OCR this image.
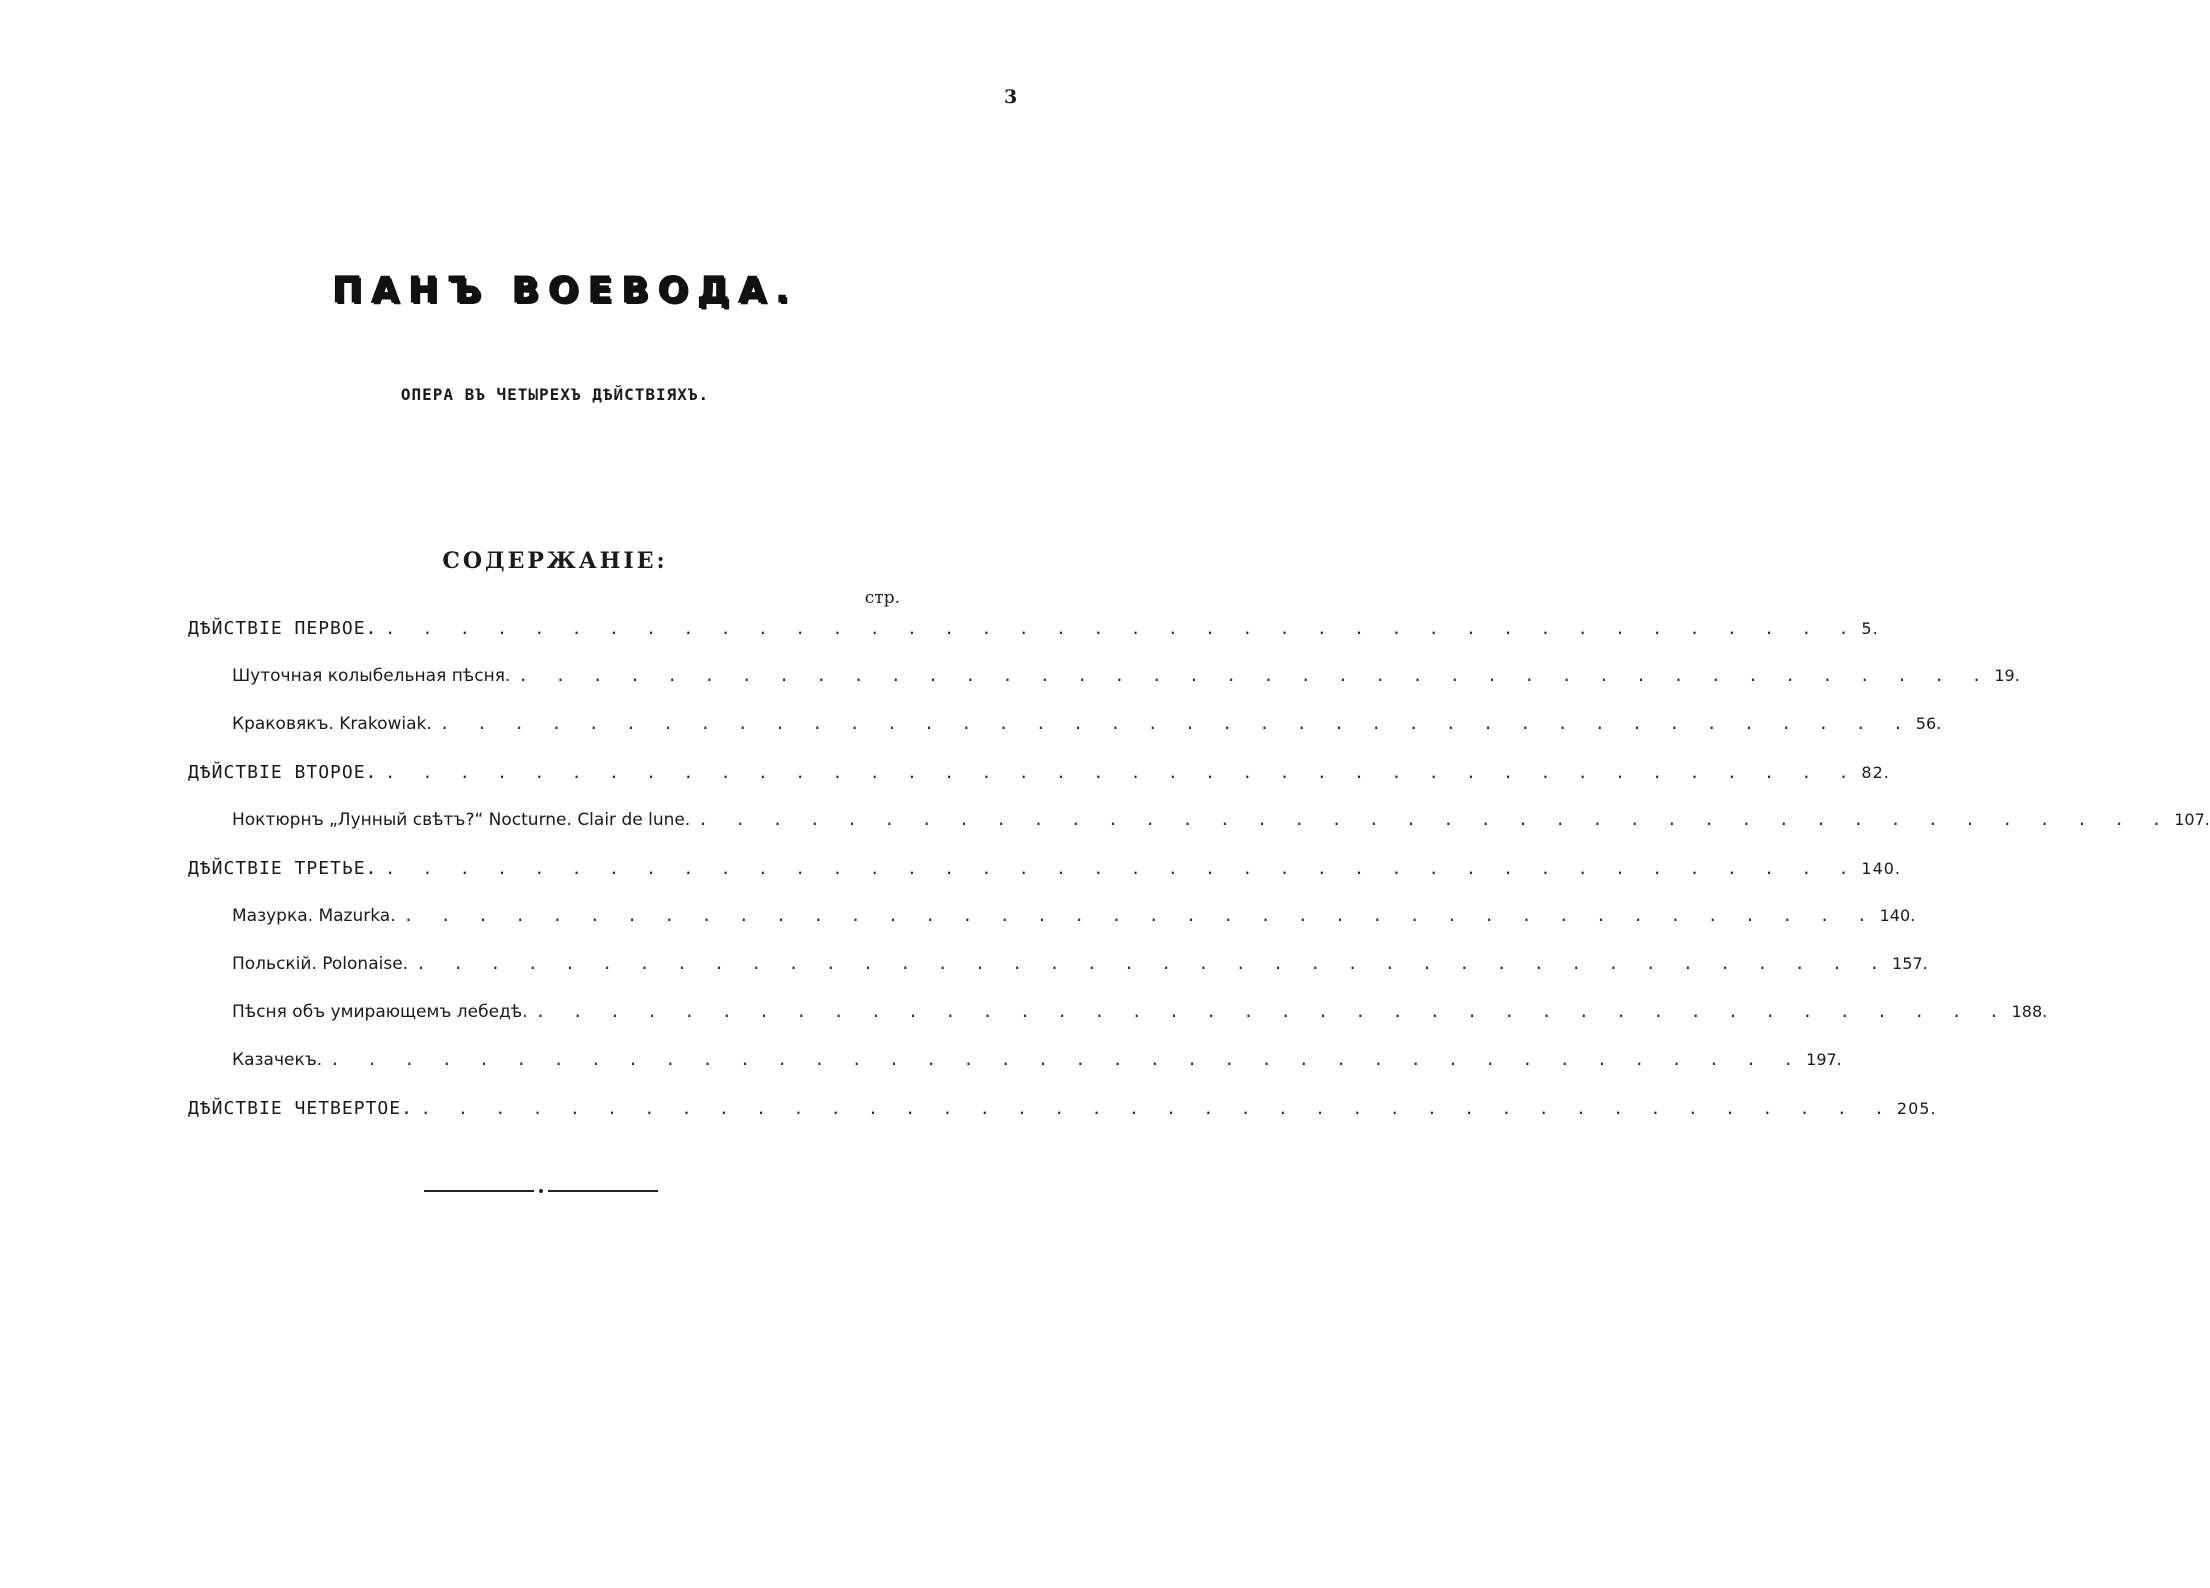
3
ПАНЪ ВОЕВОДА.
ОПЕРА ВЪ ЧЕТЫРЕХЪ ДѢЙСТВІЯХЪ.
СОДЕРЖАНІЕ:
стр.
ДѢЙСТВІЕ ПЕРВОЕ. . . . . . . . . . . . . . . . . . . . . . . . . . . . . . . . . . . . . . . . . 5.
Шуточная колыбельная пѣсня. . . . . . . . . . . . . . . . . . . . . . . . . . . . . . . . . . . . . . . . . 19.
Краковякъ. Krakowiak. . . . . . . . . . . . . . . . . . . . . . . . . . . . . . . . . . . . . . . . . 56.
ДѢЙСТВІЕ ВТОРОЕ. . . . . . . . . . . . . . . . . . . . . . . . . . . . . . . . . . . . . . . . . 82.
Ноктюрнъ „Лунный свѣтъ?“ Nocturne. Clair de lune. . . . . . . . . . . . . . . . . . . . . . . . . . . . . . . . . . . . . . . . . 107.
ДѢЙСТВІЕ ТРЕТЬЕ. . . . . . . . . . . . . . . . . . . . . . . . . . . . . . . . . . . . . . . . . 140.
Мазурка. Mazurka. . . . . . . . . . . . . . . . . . . . . . . . . . . . . . . . . . . . . . . . . 140.
Польскій. Polonaise. . . . . . . . . . . . . . . . . . . . . . . . . . . . . . . . . . . . . . . . . 157.
Пѣсня объ умирающемъ лебедѣ. . . . . . . . . . . . . . . . . . . . . . . . . . . . . . . . . . . . . . . . . 188.
Казачекъ. . . . . . . . . . . . . . . . . . . . . . . . . . . . . . . . . . . . . . . . . 197.
ДѢЙСТВІЕ ЧЕТВЕРТОЕ. . . . . . . . . . . . . . . . . . . . . . . . . . . . . . . . . . . . . . . . . 205.
